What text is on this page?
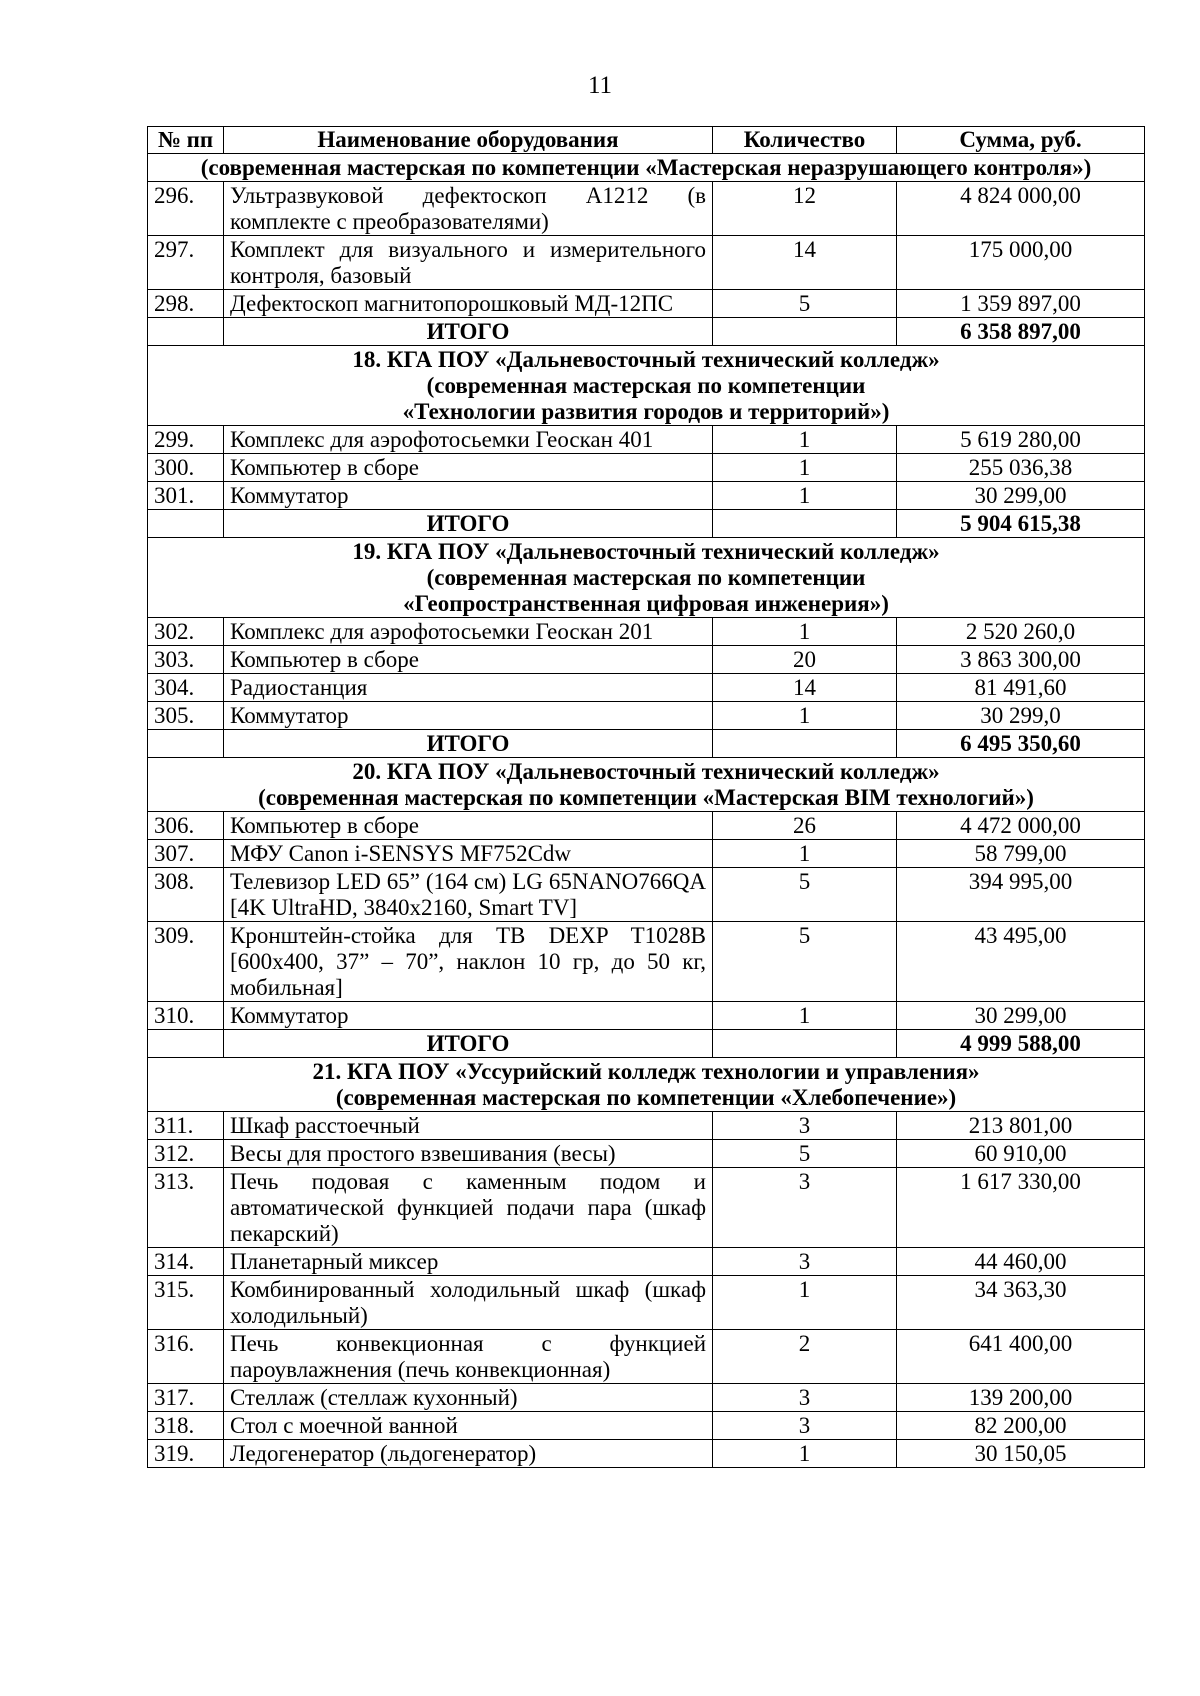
11
№ пп	Наименование оборудования	Количество	Сумма, руб.

(современная мастерская по компетенции «Мастерская неразрушающего контроля»)			

296.	Ультразвуковой дефектоскоп А1212 (в комплекте с преобразователями)	12	4 824 000,00
297.	Комплект для визуального и измерительного контроля, базовый	14	175 000,00
298.	Дефектоскоп магнитопорошковый МД-12ПС	5	1 359 897,00
	ИТОГО		6 358 897,00

18. КГА ПОУ «Дальневосточный технический колледж»
(современная мастерская по компетенции
«Технологии развития городов и территорий»)			

299.	Комплекс для аэрофотосьемки Геоскан 401	1	5 619 280,00
300.	Компьютер в сборе	1	255 036,38
301.	Коммутатор	1	30 299,00
	ИТОГО		5 904 615,38

19. КГА ПОУ «Дальневосточный технический колледж»
(современная мастерская по компетенции
«Геопространственная цифровая инженерия»)			

302.	Комплекс для аэрофотосьемки Геоскан 201	1	2 520 260,0
303.	Компьютер в сборе	20	3 863 300,00
304.	Радиостанция	14	81 491,60
305.	Коммутатор	1	30 299,0
	ИТОГО		6 495 350,60

20. КГА ПОУ «Дальневосточный технический колледж»
(современная мастерская по компетенции «Мастерская BIM технологий»)			

306.	Компьютер в сборе	26	4 472 000,00
307.	МФУ Canon i-SENSYS MF752Cdw	1	58 799,00
308.	Телевизор LED 65” (164 см) LG 65NANO766QA [4K UltraHD, 3840x2160, Smart TV]	5	394 995,00
309.	Кронштейн-стойка для ТВ DEXP T1028B [600x400, 37” – 70”, наклон 10 гр, до 50 кг, мобильная]	5	43 495,00
310.	Коммутатор	1	30 299,00
	ИТОГО		4 999 588,00

21. КГА ПОУ «Уссурийский колледж технологии и управления»
(современная мастерская по компетенции «Хлебопечение»)			

311.	Шкаф расстоечный	3	213 801,00
312.	Весы для простого взвешивания (весы)	5	60 910,00
313.	Печь подовая с каменным подом и автоматической функцией подачи пара (шкаф пекарский)	3	1 617 330,00
314.	Планетарный миксер	3	44 460,00
315.	Комбинированный холодильный шкаф (шкаф холодильный)	1	34 363,30
316.	Печь конвекционная с функцией пароувлажнения (печь конвекционная)	2	641 400,00
317.	Стеллаж (стеллаж кухонный)	3	139 200,00
318.	Стол с моечной ванной	3	82 200,00
319.	Ледогенератор (льдогенератор)	1	30 150,05
